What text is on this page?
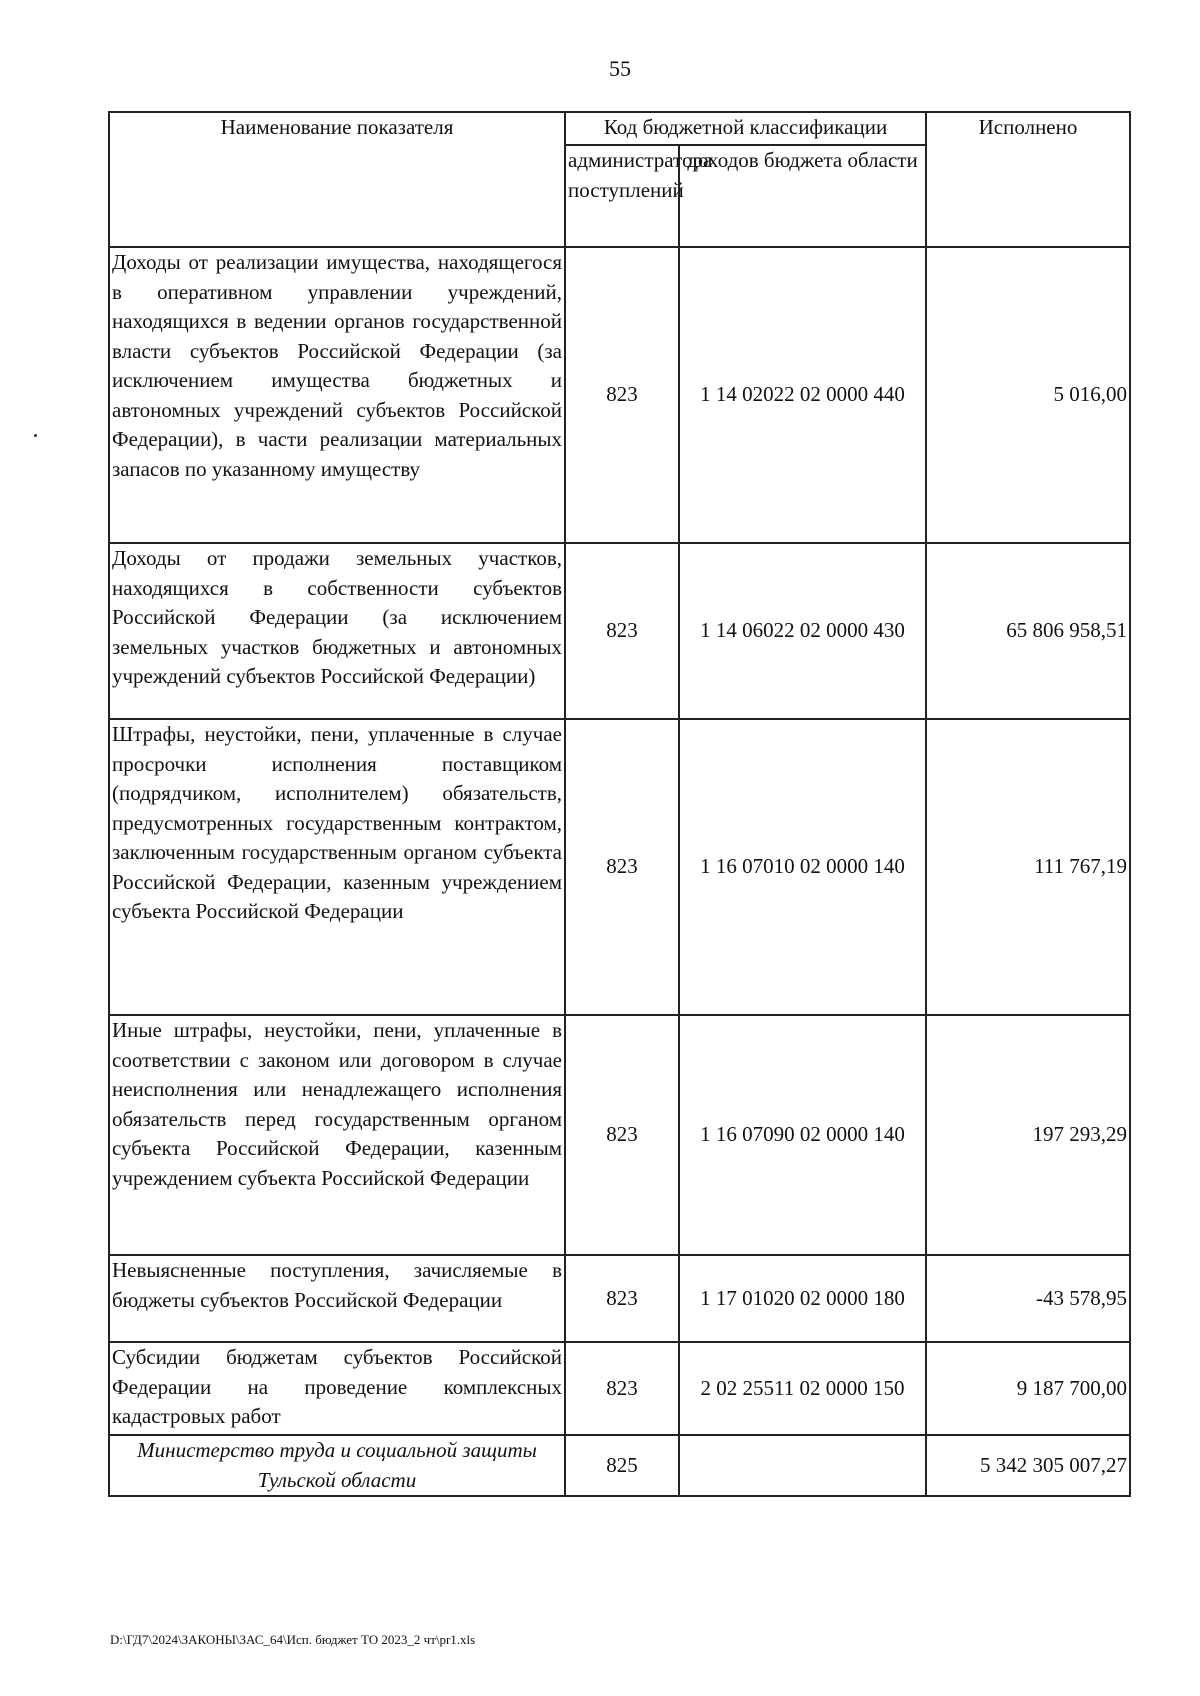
55
Наименование показателя	Код бюджетной классификации		Исполнено
	администратора поступлений	доходов бюджета области	
Доходы от реализации имущества, находящегося в оперативном управлении учреждений, находящихся в ведении органов государственной власти субъектов Российской Федерации (за исключением имущества бюджетных и автономных учреждений субъектов Российской Федерации), в части реализации материальных запасов по указанному имуществу	823	1 14 02022 02 0000 440	5 016,00
Доходы от продажи земельных участков, находящихся в собственности субъектов Российской Федерации (за исключением земельных участков бюджетных и автономных учреждений субъектов Российской Федерации)	823	1 14 06022 02 0000 430	65 806 958,51
Штрафы, неустойки, пени, уплаченные в случае просрочки исполнения поставщиком (подрядчиком, исполнителем) обязательств, предусмотренных государственным контрактом, заключенным государственным органом субъекта Российской Федерации, казенным учреждением субъекта Российской Федерации	823	1 16 07010 02 0000 140	111 767,19
Иные штрафы, неустойки, пени, уплаченные в соответствии с законом или договором в случае неисполнения или ненадлежащего исполнения обязательств перед государственным органом субъекта Российской Федерации, казенным учреждением субъекта Российской Федерации	823	1 16 07090 02 0000 140	197 293,29
Невыясненные поступления, зачисляемые в бюджеты субъектов Российской Федерации	823	1 17 01020 02 0000 180	-43 578,95
Субсидии бюджетам субъектов Российской Федерации на проведение комплексных кадастровых работ	823	2 02 25511 02 0000 150	9 187 700,00
Министерство труда и социальной защиты Тульской области	825		5 342 305 007,27
D:\ГД7\2024\ЗАКОНЫ\ЗАС_64\Исп. бюджет ТО 2023_2 чт\pr1.xls
